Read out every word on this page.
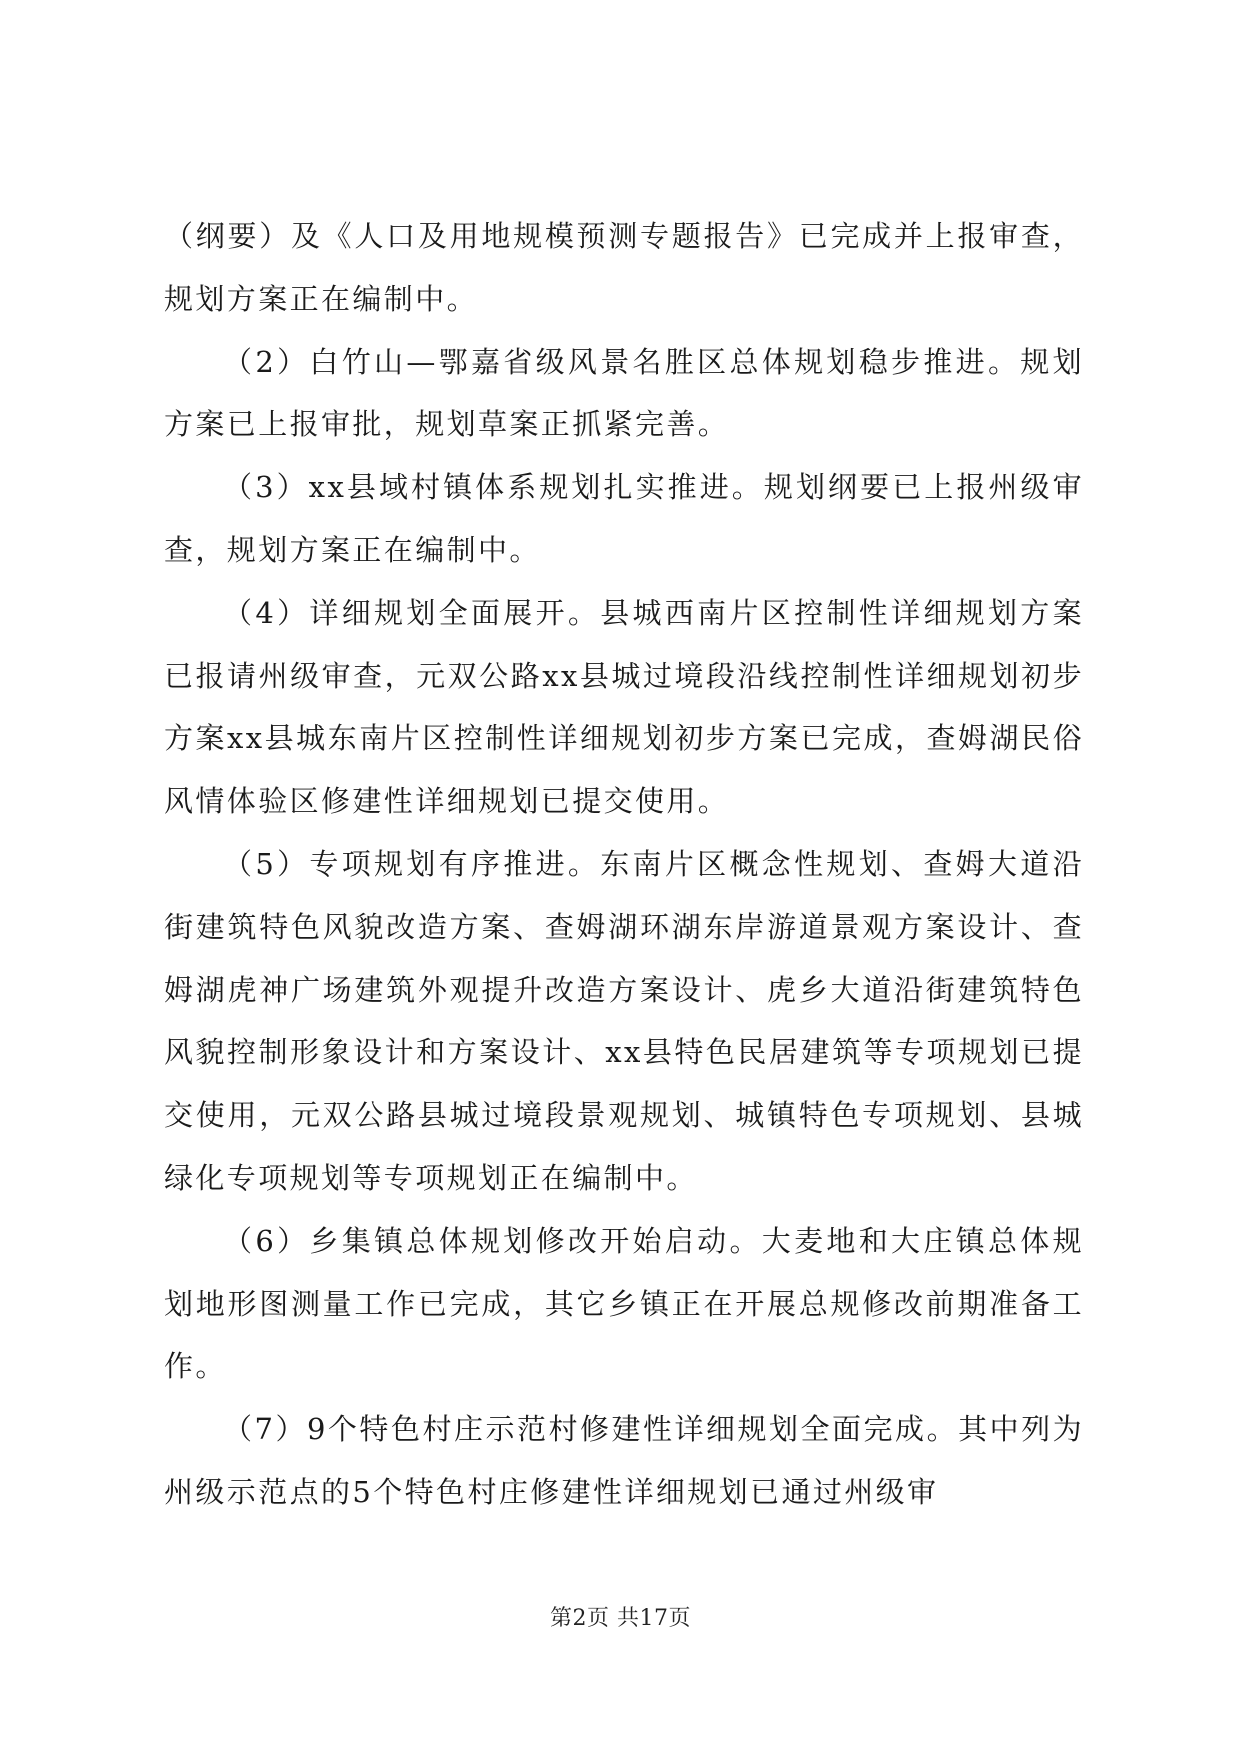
（纲要）及《人口及用地规模预测专题报告》已完成并上报审查，规划方案正在编制中。

（2）白竹山—鄂嘉省级风景名胜区总体规划稳步推进。规划方案已上报审批，规划草案正抓紧完善。

（3）xx县域村镇体系规划扎实推进。规划纲要已上报州级审查，规划方案正在编制中。

（4）详细规划全面展开。县城西南片区控制性详细规划方案已报请州级审查，元双公路xx县城过境段沿线控制性详细规划初步方案xx县城东南片区控制性详细规划初步方案已完成，查姆湖民俗风情体验区修建性详细规划已提交使用。

（5）专项规划有序推进。东南片区概念性规划、查姆大道沿街建筑特色风貌改造方案、查姆湖环湖东岸游道景观方案设计、查姆湖虎神广场建筑外观提升改造方案设计、虎乡大道沿街建筑特色风貌控制形象设计和方案设计、xx县特色民居建筑等专项规划已提交使用，元双公路县城过境段景观规划、城镇特色专项规划、县城绿化专项规划等专项规划正在编制中。

（6）乡集镇总体规划修改开始启动。大麦地和大庄镇总体规划地形图测量工作已完成，其它乡镇正在开展总规修改前期准备工作。

（7）9个特色村庄示范村修建性详细规划全面完成。其中列为州级示范点的5个特色村庄修建性详细规划已通过州级审

第2页 共17页
